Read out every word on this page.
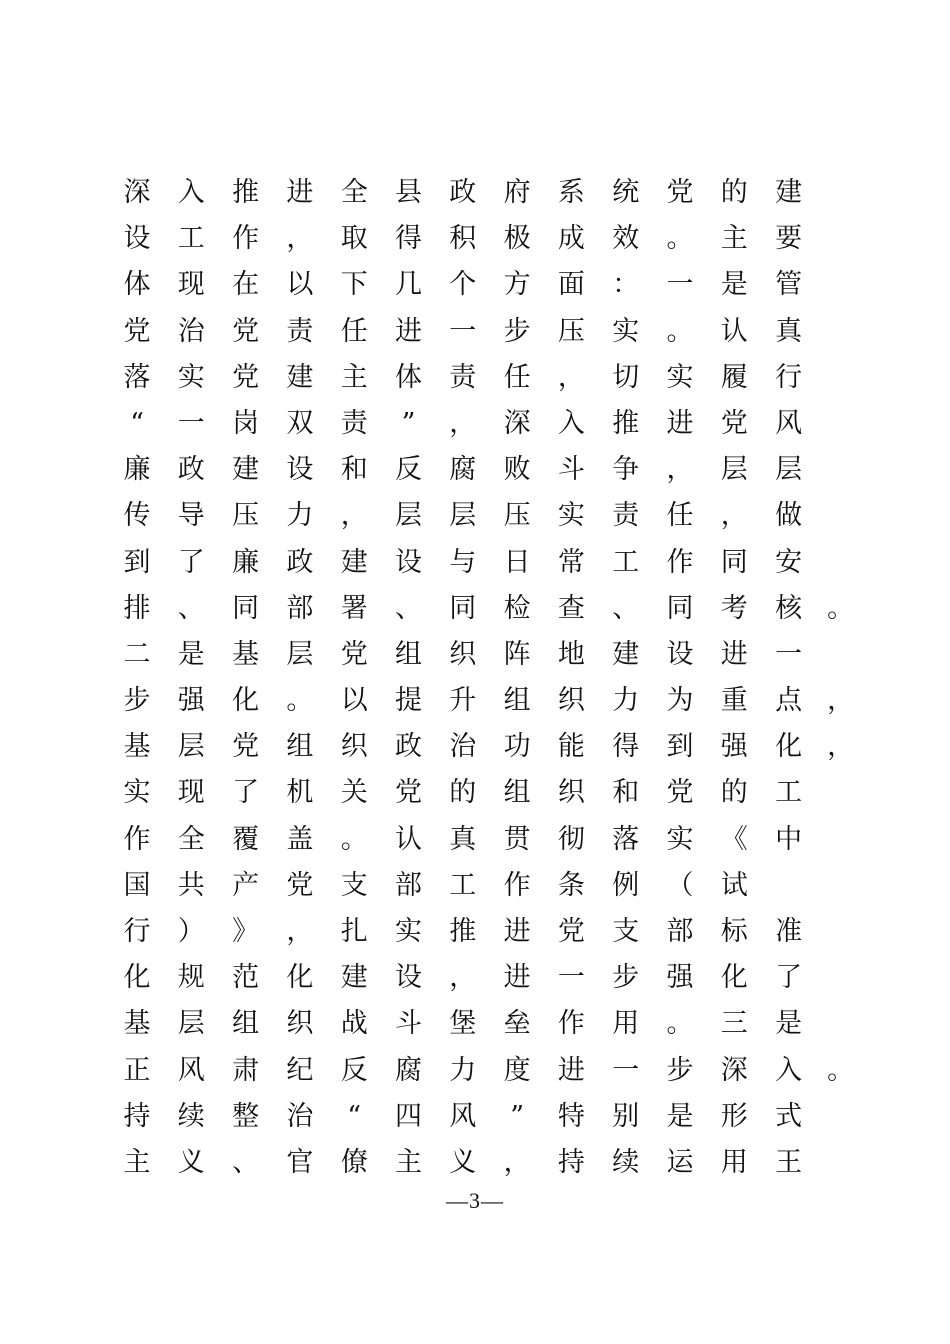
深 入 推 进 全 县 政 府 系 统 党 的 建
设 工 作 ， 取 得 积 极 成 效 。 主 要
体 现 在 以 下 几 个 方 面 ： 一 是 管
党 治 党 责 任 进 一 步 压 实 。 认 真
落 实 党 建 主 体 责 任 ， 切 实 履 行
“	一 岗 双 责	”	， 深 入 推 进 党 风
廉 政 建 设 和 反 腐 败 斗 争 ， 层 层
传 导 压 力 ， 层 层 压 实 责 任 ， 做
到 了 廉 政 建 设 与 日 常 工 作 同 安
排 、 同 部 署 、 同 检 查 、 同 考 核 。
二 是 基 层 党 组 织 阵 地 建 设 进 一
步 强 化 。 以 提 升 组 织 力 为 重 点 ，
基 层 党 组 织 政 治 功 能 得 到 强 化 ，
实 现 了 机 关 党 的 组 织 和 党 的 工
作 全 覆 盖 。 认 真 贯 彻 落 实 《 中
国 共 产 党 支 部 工 作 条 例 （ 试
行 ） 》 ， 扎 实 推 进 党 支 部 标 准
化 规 范 化 建 设 ， 进 一 步 强 化 了
基 层 组 织 战 斗 堡 垒 作 用 。 三 是
正 风 肃 纪 反 腐 力 度 进 一 步 深 入 。
持 续 整 治	“	四 风	”	特 别 是 形 式
主 义 、 官 僚 主 义 ， 持 续 运 用 王
—3—
